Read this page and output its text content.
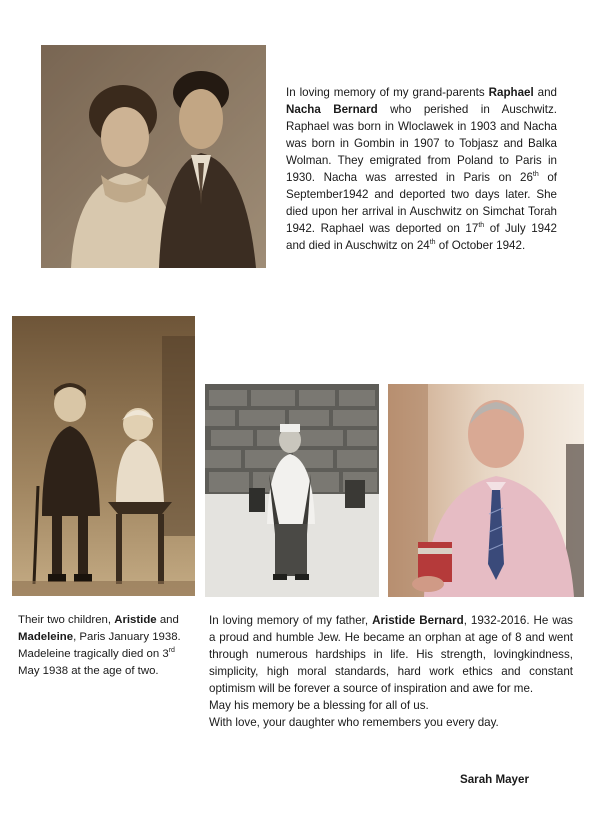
In loving memory of my grand-parents Raphael and Nacha Bernard who perished in Auschwitz. Raphael was born in Wloclawek in 1903 and Nacha was born in Gombin in 1907 to Tobjasz and Balka Wolman. They emigrated from Poland to Paris in 1930. Nacha was arrested in Paris on 26th of September1942 and deported two days later. She died upon her arrival in Auschwitz on Simchat Torah 1942. Raphael was deported on 17th of July 1942 and died in Auschwitz on 24th of October 1942.

Their two children, Aristide and Madeleine, Paris January 1938.

Madeleine tragically died on 3rd May 1938 at the age of two.

In loving memory of my father, Aristide Bernard, 1932-2016. He was a proud and humble Jew. He became an orphan at age of 8 and went through numerous hardships in life. His strength, lovingkindness, simplicity, high moral standards, hard work ethics and constant optimism will be forever a source of inspiration and awe for me.

May his memory be a blessing for all of us.

With love, your daughter who remembers you every day.

Sarah Mayer
